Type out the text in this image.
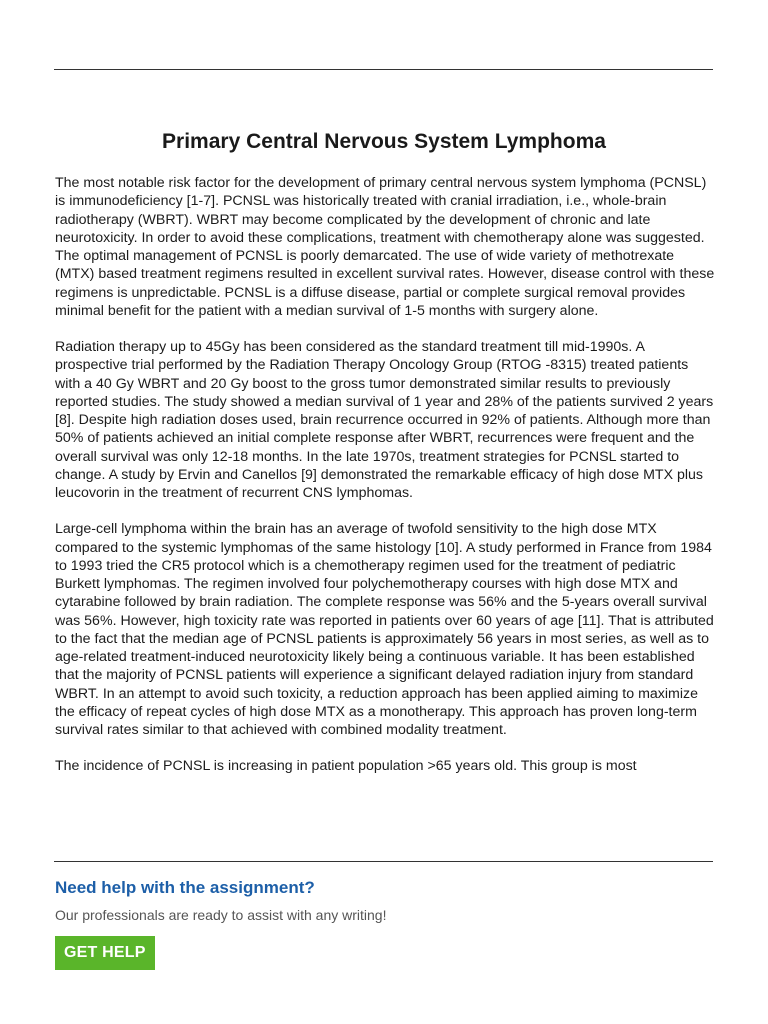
Primary Central Nervous System Lymphoma

The most notable risk factor for the development of primary central nervous system lymphoma (PCNSL) is immunodeficiency [1-7]. PCNSL was historically treated with cranial irradiation, i.e., whole-brain radiotherapy (WBRT). WBRT may become complicated by the development of chronic and late neurotoxicity. In order to avoid these complications, treatment with chemotherapy alone was suggested. The optimal management of PCNSL is poorly demarcated. The use of wide variety of methotrexate (MTX) based treatment regimens resulted in excellent survival rates. However, disease control with these regimens is unpredictable. PCNSL is a diffuse disease, partial or complete surgical removal provides minimal benefit for the patient with a median survival of 1-5 months with surgery alone.

Radiation therapy up to 45Gy has been considered as the standard treatment till mid-1990s. A prospective trial performed by the Radiation Therapy Oncology Group (RTOG -8315) treated patients with a 40 Gy WBRT and 20 Gy boost to the gross tumor demonstrated similar results to previously reported studies. The study showed a median survival of 1 year and 28% of the patients survived 2 years [8]. Despite high radiation doses used, brain recurrence occurred in 92% of patients. Although more than 50% of patients achieved an initial complete response after WBRT, recurrences were frequent and the overall survival was only 12-18 months. In the late 1970s, treatment strategies for PCNSL started to change. A study by Ervin and Canellos [9] demonstrated the remarkable efficacy of high dose MTX plus leucovorin in the treatment of recurrent CNS lymphomas.

Large-cell lymphoma within the brain has an average of twofold sensitivity to the high dose MTX compared to the systemic lymphomas of the same histology [10]. A study performed in France from 1984 to 1993 tried the CR5 protocol which is a chemotherapy regimen used for the treatment of pediatric Burkett lymphomas. The regimen involved four polychemotherapy courses with high dose MTX and cytarabine followed by brain radiation. The complete response was 56% and the 5-years overall survival was 56%. However, high toxicity rate was reported in patients over 60 years of age [11]. That is attributed to the fact that the median age of PCNSL patients is approximately 56 years in most series, as well as to age-related treatment-induced neurotoxicity likely being a continuous variable. It has been established that the majority of PCNSL patients will experience a significant delayed radiation injury from standard WBRT. In an attempt to avoid such toxicity, a reduction approach has been applied aiming to maximize the efficacy of repeat cycles of high dose MTX as a monotherapy. This approach has proven long-term survival rates similar to that achieved with combined modality treatment.

The incidence of PCNSL is increasing in patient population >65 years old. This group is most

Need help with the assignment?

Our professionals are ready to assist with any writing!

GET HELP
